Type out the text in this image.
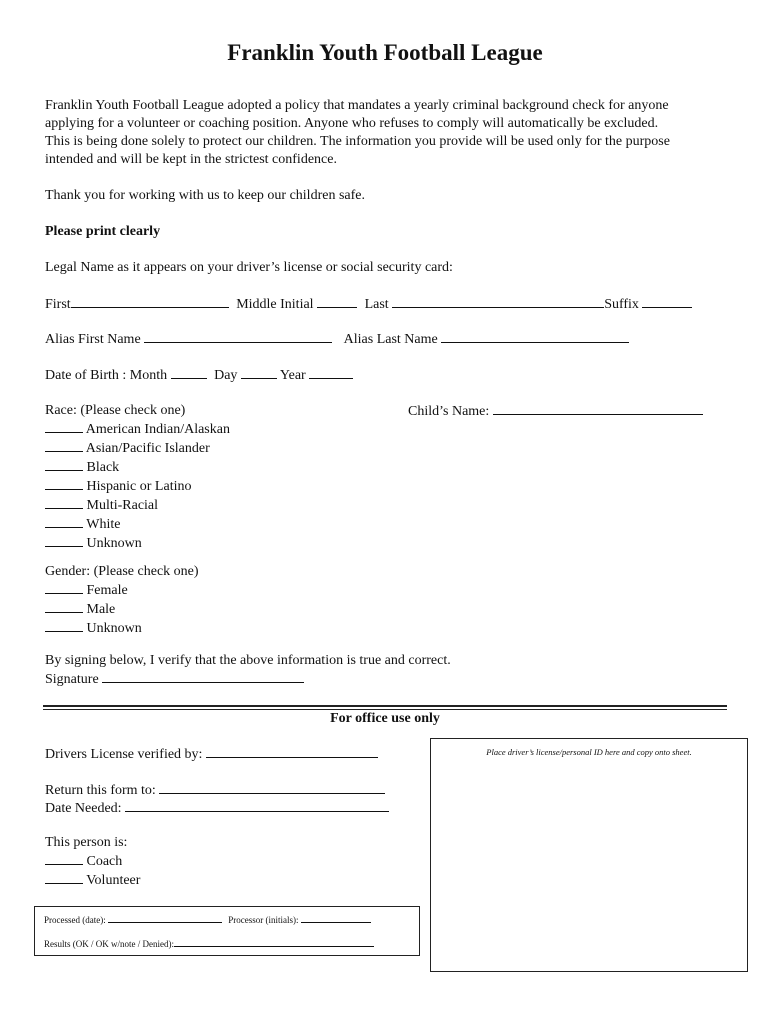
Franklin Youth Football League
Franklin Youth Football League adopted a policy that mandates a yearly criminal background check for anyone
applying for a volunteer or coaching position. Anyone who refuses to comply will automatically be excluded.
This is being done solely to protect our children. The information you provide will be used only for the purpose
intended and will be kept in the strictest confidence.
Thank you for working with us to keep our children safe.
Please print clearly
Legal Name as it appears on your driver’s license or social security card:
First	Middle Initial	Last	Suffix
Alias First Name	Alias Last Name
Date of Birth : Month	Day	Year
Race: (Please check one)
American Indian/Alaskan
Asian/Pacific Islander
Black
Hispanic or Latino
Multi-Racial
White
Unknown
Child’s Name:
Gender: (Please check one)
Female
Male
Unknown
By signing below, I verify that the above information is true and correct.
Signature
For office use only
Drivers License verified by:
Return this form to:
Date Needed:
This person is:
Coach
Volunteer
Place driver’s license/personal ID here and copy onto sheet.
Processed (date):	Processor (initials):
Results (OK / OK w/note / Denied):
